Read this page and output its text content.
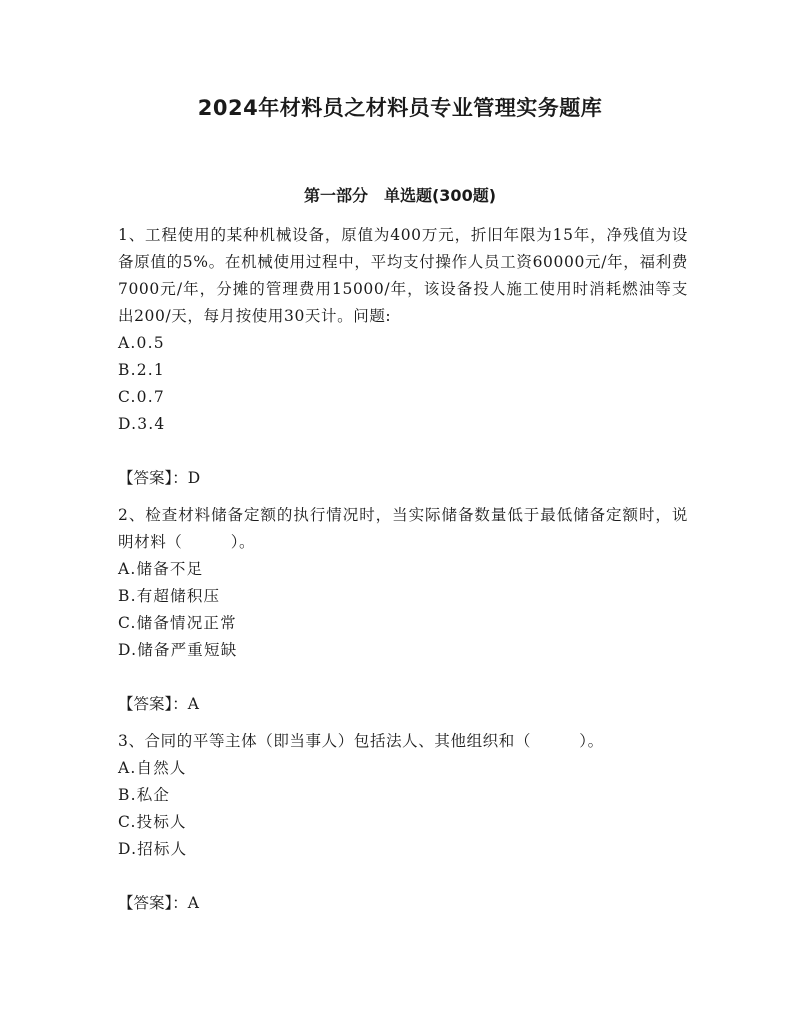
2024年材料员之材料员专业管理实务题库
第一部分　单选题(300题)

1、工程使用的某种机械设备，原值为400万元，折旧年限为15年，净残值为设备原值的5%。在机械使用过程中，平均支付操作人员工资60000元/年，福利费7000元/年，分摊的管理费用15000/年，该设备投人施工使用时消耗燃油等支出200/天，每月按使用30天计。问题:

A.0.5

B.2.1

C.0.7

D.3.4

【答案】：D

2、检查材料储备定额的执行情况时，当实际储备数量低于最低储备定额时，说明材料（　　　）。

A.储备不足

B.有超储积压

C.储备情况正常

D.储备严重短缺

【答案】：A

3、合同的平等主体（即当事人）包括法人、其他组织和（　　　）。

A.自然人

B.私企

C.投标人

D.招标人

【答案】：A
